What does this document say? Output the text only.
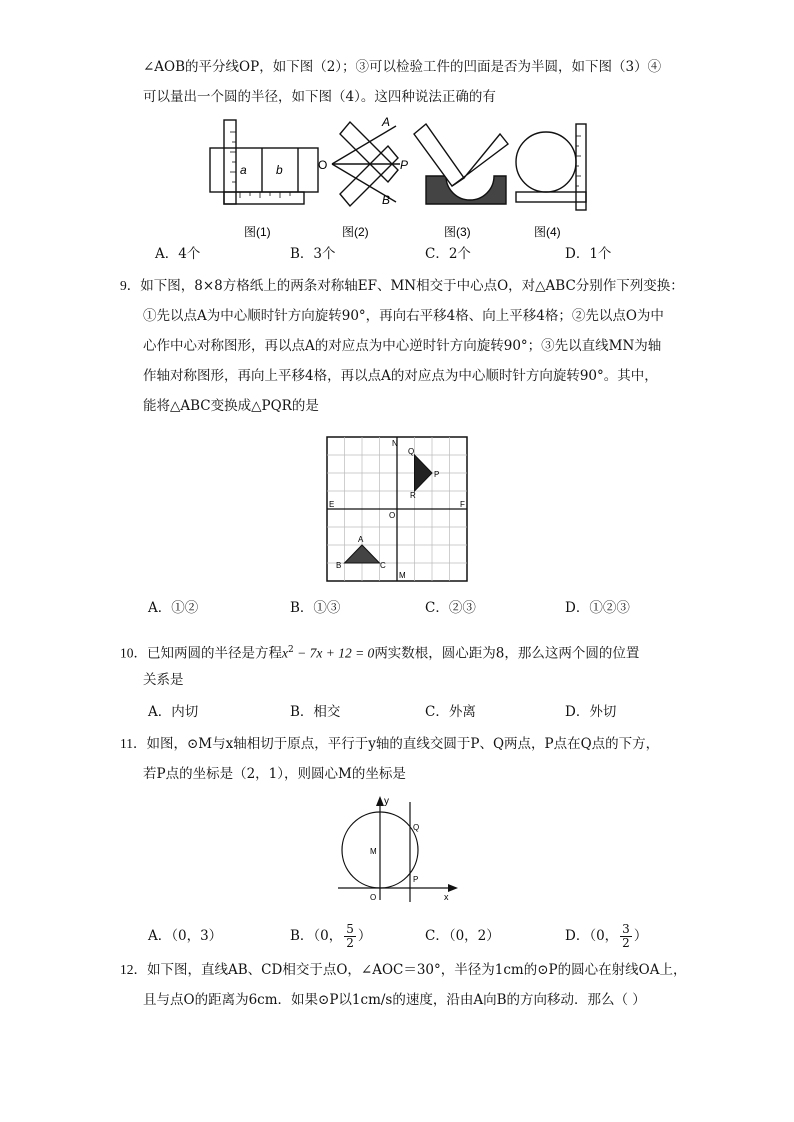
∠AOB的平分线OP，如下图（2）；③可以检验工件的凹面是否为半圆，如下图（3）④
可以量出一个圆的半径，如下图（4）。这四种说法正确的有
a b
图(1)
A
O	P
B
图(2)	图(3)	图(4)
A．4个	B．3个	C．2个	D．1个
9．如下图，8×8方格纸上的两条对称轴EF、MN相交于中心点O，对△ABC分别作下列变换：
①先以点A为中心顺时针方向旋转90°，再向右平移4格、向上平移4格；②先以点O为中
心作中心对称图形，再以点A的对应点为中心逆时针方向旋转90°；③先以直线MN为轴
作轴对称图形，再向上平移4格，再以点A的对应点为中心顺时针方向旋转90°。其中，
能将△ABC变换成△PQR的是
N
M
E	F
O
Q
P
R
A
B	C
A．①②	B．①③	C．②③	D．①②③
10．已知两圆的半径是方程$x^2 - 7x + 12 = 0$两实数根，圆心距为8，那么这两个圆的位置
关系是
A．内切	B．相交	C．外离	D．外切
11．如图，⊙M与x轴相切于原点，平行于y轴的直线交圆于P、Q两点，P点在Q点的下方，
若P点的坐标是（2，1），则圆心M的坐标是
y
x
Q
P
M
O
A．（0，3）	B．（0， $\frac{5}{2}$ ）	C．（0，2）	D．（0， $\frac{3}{2}$ ）
12．如下图，直线AB、CD相交于点O，∠AOC＝30°，半径为1cm的⊙P的圆心在射线OA上，
且与点O的距离为6cm．如果⊙P以1cm/s的速度，沿由A向B的方向移动．那么（ ）
